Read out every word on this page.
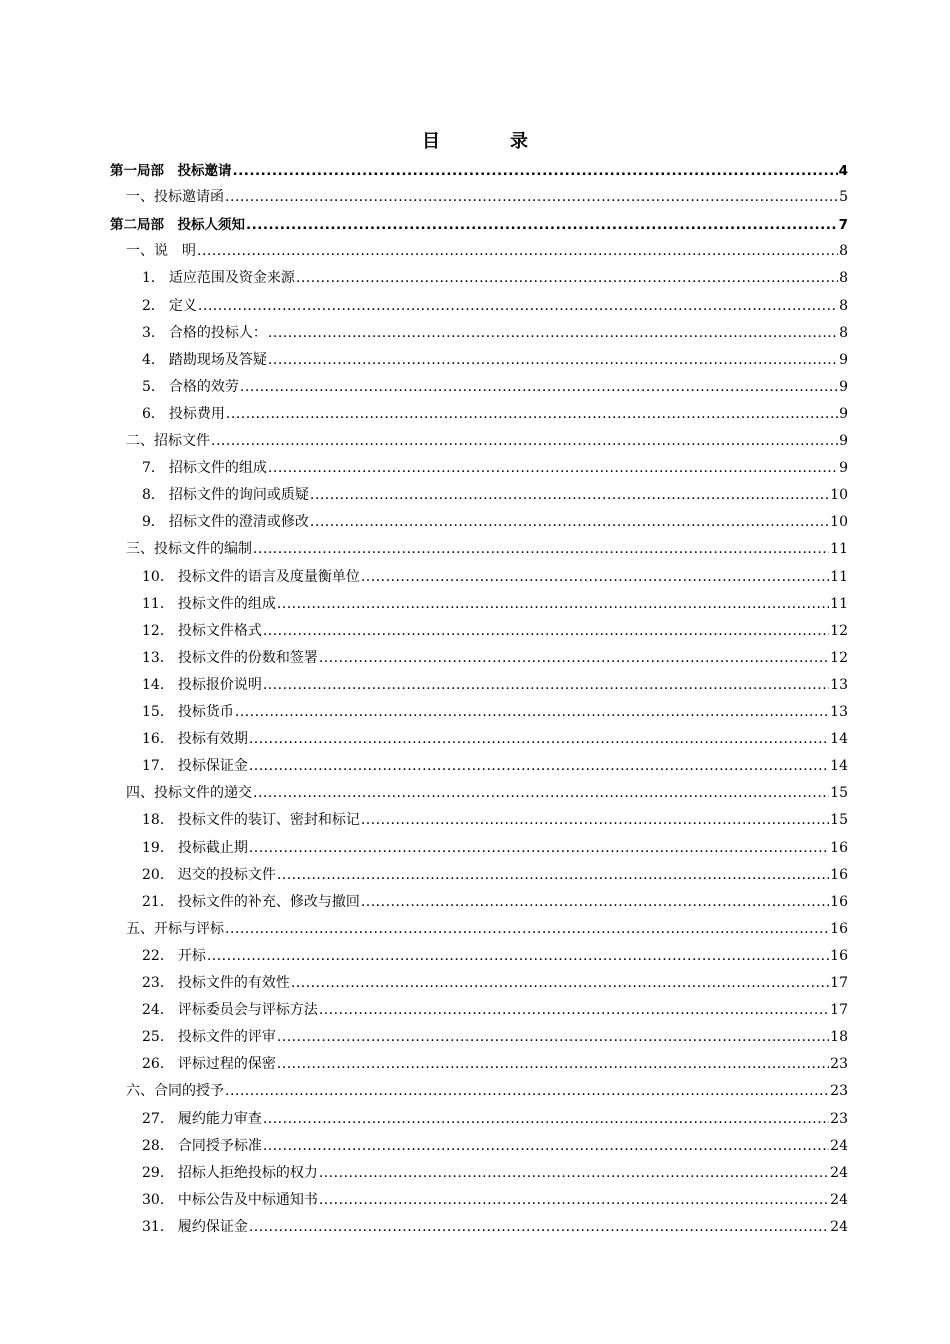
目　录
第一局部　投标邀请 .....	4
一、投标邀请函 .....	5
第二局部　投标人须知 .....	7
一、说　明 .....	8
1． 适应范围及资金来源 .....	8
2． 定义 .....	8
3． 合格的投标人： .....	8
4． 踏勘现场及答疑 .....	9
5． 合格的效劳 .....	9
6． 投标费用 .....	9
二、招标文件 .....	9
7． 招标文件的组成 .....	9
8． 招标文件的询问或质疑 .....	10
9． 招标文件的澄清或修改 .....	10
三、投标文件的编制 .....	11
10． 投标文件的语言及度量衡单位 .....	11
11． 投标文件的组成 .....	11
12． 投标文件格式 .....	12
13． 投标文件的份数和签署 .....	12
14． 投标报价说明 .....	13
15． 投标货币 .....	13
16． 投标有效期 .....	14
17． 投标保证金 .....	14
四、投标文件的递交 .....	15
18． 投标文件的装订、密封和标记 .....	15
19． 投标截止期 .....	16
20． 迟交的投标文件 .....	16
21． 投标文件的补充、修改与撤回 .....	16
五、开标与评标 .....	16
22． 开标 .....	16
23． 投标文件的有效性 .....	17
24． 评标委员会与评标方法 .....	17
25． 投标文件的评审 .....	18
26． 评标过程的保密 .....	23
六、合同的授予 .....	23
27． 履约能力审查 .....	23
28． 合同授予标准 .....	24
29． 招标人拒绝投标的权力 .....	24
30． 中标公告及中标通知书 .....	24
31． 履约保证金 .....	24
